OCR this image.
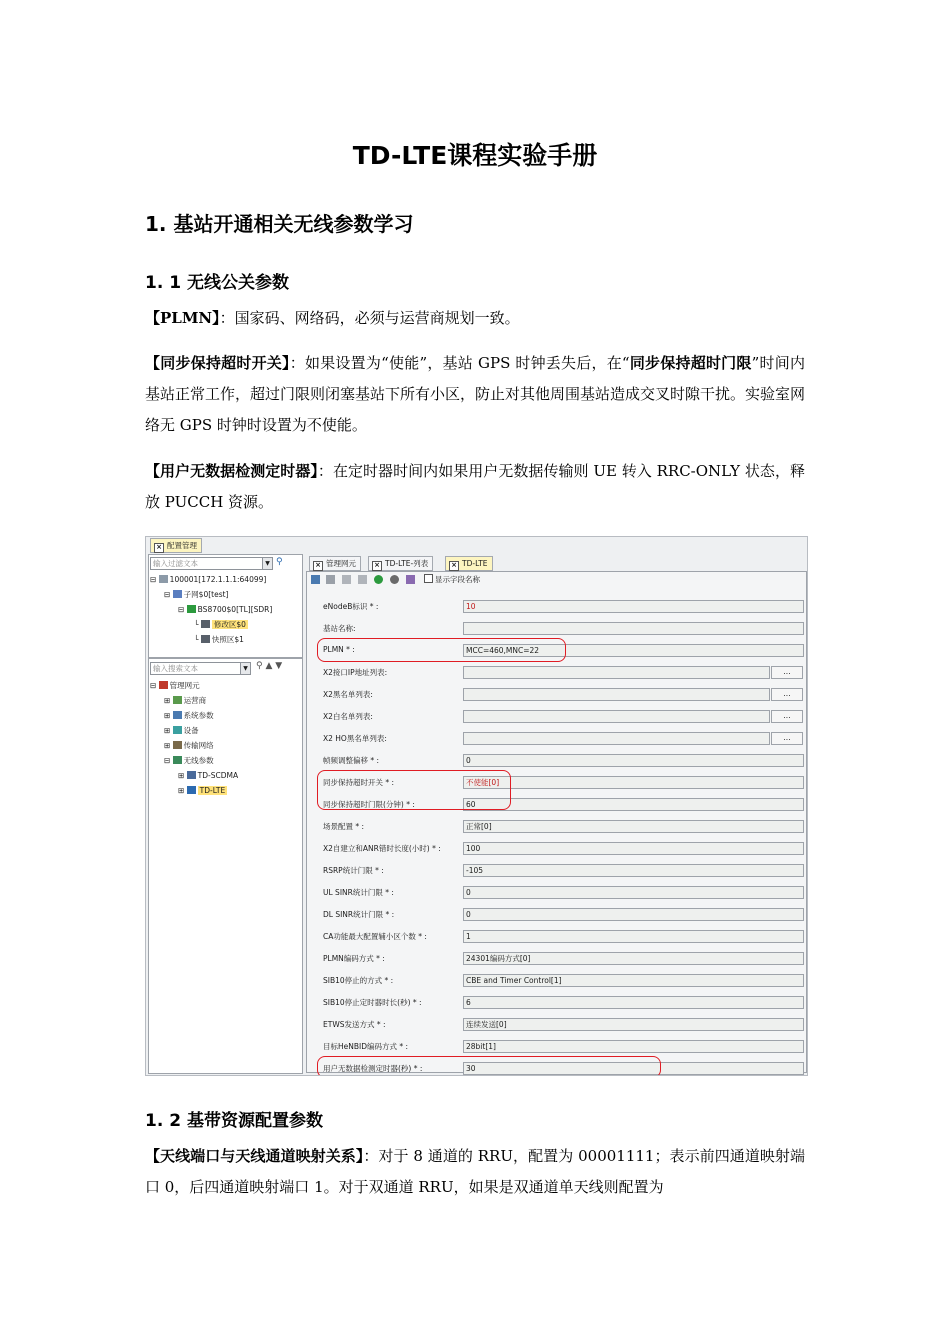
TD-LTE课程实验手册
1. 基站开通相关无线参数学习
1. 1 无线公关参数
【PLMN】：国家码、网络码，必须与运营商规划一致。
【同步保持超时开关】：如果设置为“使能”，基站 GPS 时钟丢失后，在“同步保持超时门限”时间内基站正常工作，超过门限则闭塞基站下所有小区，防止对其他周围基站造成交叉时隙干扰。实验室网络无 GPS 时钟时设置为不使能。
【用户无数据检测定时器】：在定时器时间内如果用户无数据传输则 UE 转入 RRC-ONLY 状态，释放 PUCCH 资源。
× 配置管理
输入过滤文本	▼ ⚲
⊟ 100001[172.1.1.1:64099]
⊟ 子网$0[test]
⊟ BS8700$0[TL][SDR]
└ 修改区$0
└ 快照区$1
输入搜索文本	▼ ⚲ ▲ ▼
⊟ 管理网元
⊞ 运营商
⊞ 系统参数
⊞ 设备
⊞ 传输网络
⊟ 无线参数
⊞ TD-SCDMA
⊞ TD-LTE
× 管理网元	× TD-LTE-列表	× TD-LTE
显示字段名称
eNodeB标识 * :	10
基站名称:
PLMN * :	MCC=460,MNC=22
X2接口IP地址列表:	...
X2黑名单列表:	...
X2白名单列表:	...
X2 HO黑名单列表:	...
帧频调整偏移 * :	0
同步保持超时开关 * :	不使能[0]
同步保持超时门限(分钟) * :	60
场景配置 * :	正常[0]
X2自建立和ANR错时长度(小时) * :	100
RSRP统计门限 * :	-105
UL SINR统计门限 * :	0
DL SINR统计门限 * :	0
CA功能最大配置辅小区个数 * :	1
PLMN编码方式 * :	24301编码方式[0]
SIB10停止的方式 * :	CBE and Timer Control[1]
SIB10停止定时器时长(秒) * :	6
ETWS发送方式 * :	连续发送[0]
目标HeNBID编码方式 * :	28bit[1]
用户无数据检测定时器(秒) * :	30
1. 2 基带资源配置参数
【天线端口与天线通道映射关系】：对于 8 通道的 RRU，配置为 00001111；表示前四通道映射端口 0，后四通道映射端口 1。对于双通道 RRU，如果是双通道单天线则配置为
